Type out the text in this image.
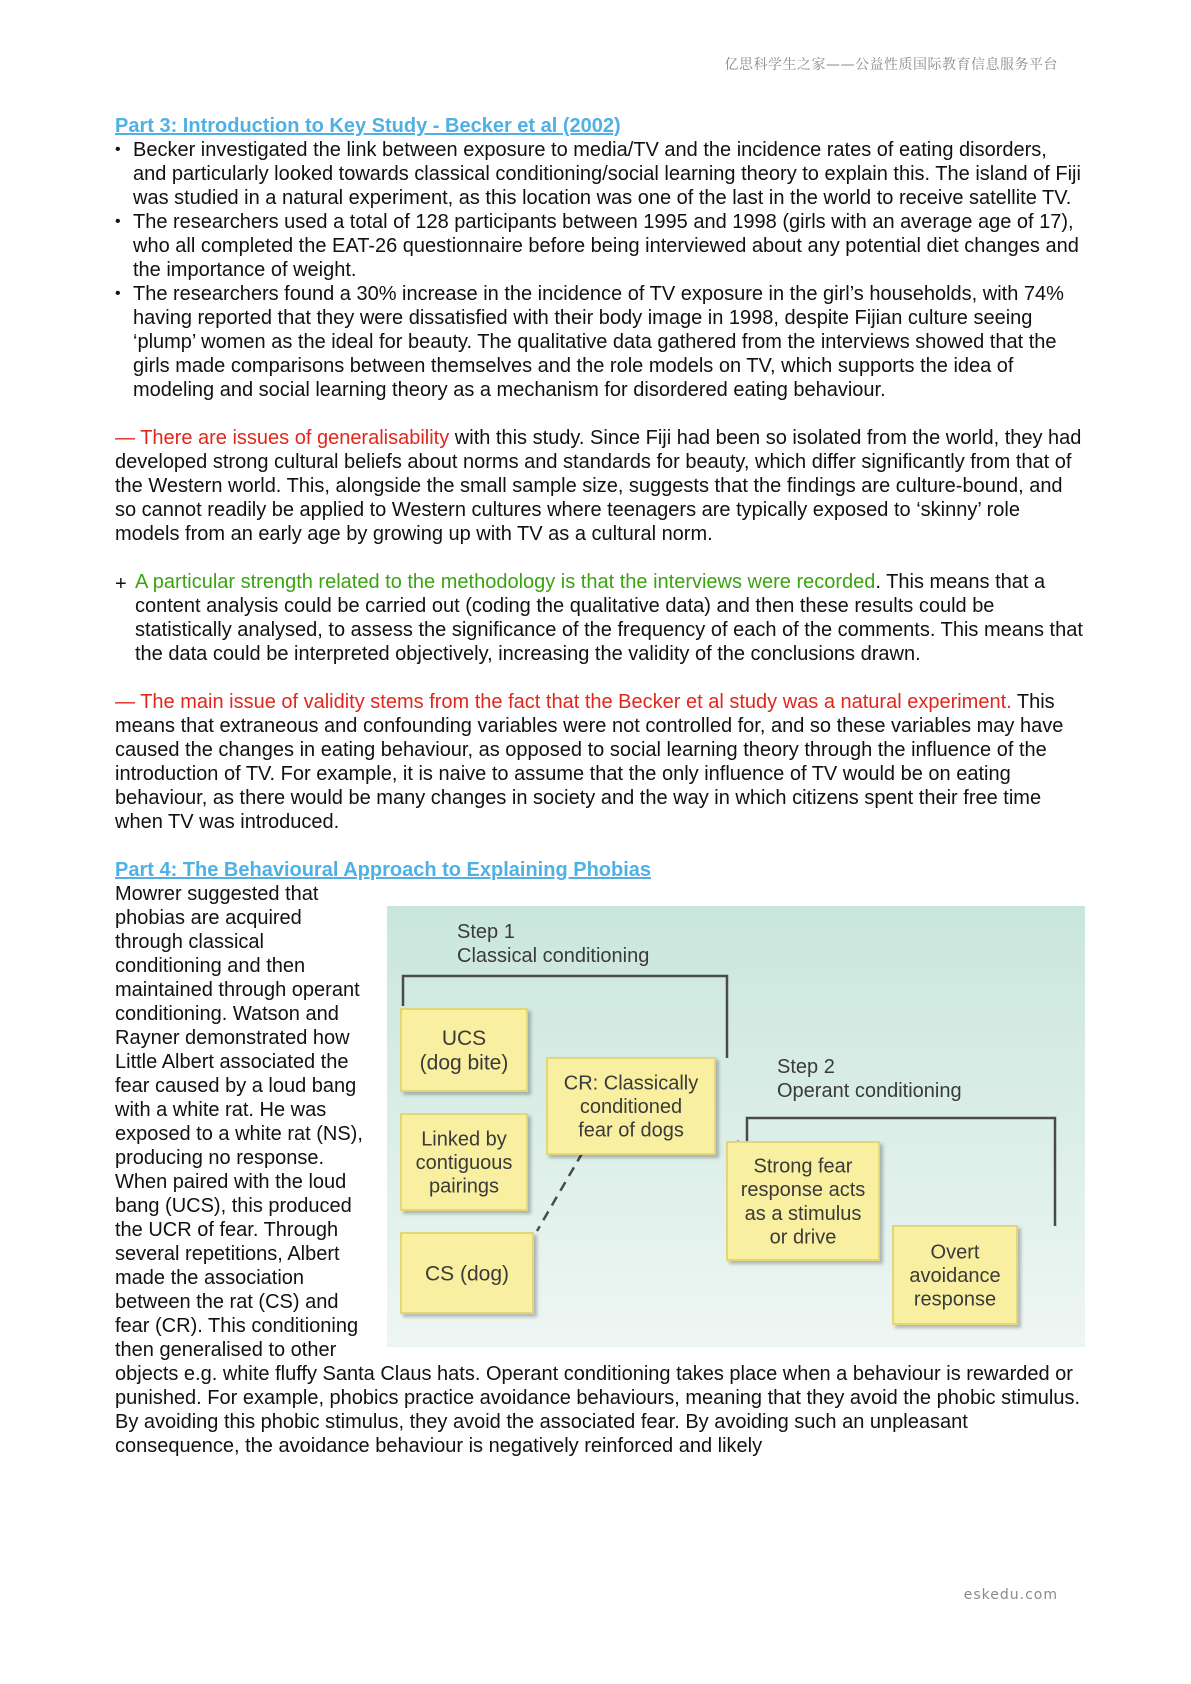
亿思科学生之家——公益性质国际教育信息服务平台

Part 3: Introduction to Key Study - Becker et al (2002)

• Becker investigated the link between exposure to media/TV and the incidence rates of eating disorders, and particularly looked towards classical conditioning/social learning theory to explain this. The island of Fiji was studied in a natural experiment, as this location was one of the last in the world to receive satellite TV.
• The researchers used a total of 128 participants between 1995 and 1998 (girls with an average age of 17), who all completed the EAT-26 questionnaire before being interviewed about any potential diet changes and the importance of weight.
• The researchers found a 30% increase in the incidence of TV exposure in the girl’s households, with 74% having reported that they were dissatisfied with their body image in 1998, despite Fijian culture seeing ‘plump’ women as the ideal for beauty. The qualitative data gathered from the interviews showed that the girls made comparisons between themselves and the role models on TV, which supports the idea of modeling and social learning theory as a mechanism for disordered eating behaviour.

— There are issues of generalisability with this study. Since Fiji had been so isolated from the world, they had developed strong cultural beliefs about norms and standards for beauty, which differ significantly from that of the Western world. This, alongside the small sample size, suggests that the findings are culture-bound, and so cannot readily be applied to Western cultures where teenagers are typically exposed to ‘skinny’ role models from an early age by growing up with TV as a cultural norm.

+ A particular strength related to the methodology is that the interviews were recorded. This means that a content analysis could be carried out (coding the qualitative data) and then these results could be statistically analysed, to assess the significance of the frequency of each of the comments. This means that the data could be interpreted objectively, increasing the validity of the conclusions drawn.

— The main issue of validity stems from the fact that the Becker et al study was a natural experiment. This means that extraneous and confounding variables were not controlled for, and so these variables may have caused the changes in eating behaviour, as opposed to social learning theory through the influence of the introduction of TV. For example, it is naive to assume that the only influence of TV would be on eating behaviour, as there would be many changes in society and the way in which citizens spent their free time when TV was introduced.

Part 4: The Behavioural Approach to Explaining Phobias

Step 1
Classical conditioning
Step 2
Operant conditioning
UCS
(dog bite)
Linked by
contiguous
pairings
CS (dog)
CR: Classically
conditioned
fear of dogs
Strong fear
response acts
as a stimulus
or drive
Overt
avoidance
response

Mowrer suggested that phobias are acquired through classical conditioning and then maintained through operant conditioning. Watson and Rayner demonstrated how Little Albert associated the fear caused by a loud bang with a white rat. He was exposed to a white rat (NS), producing no response. When paired with the loud bang (UCS), this produced the UCR of fear. Through several repetitions, Albert made the association between the rat (CS) and fear (CR). This conditioning then generalised to other objects e.g. white fluffy Santa Claus hats. Operant conditioning takes place when a behaviour is rewarded or punished. For example, phobics practice avoidance behaviours, meaning that they avoid the phobic stimulus. By avoiding this phobic stimulus, they avoid the associated fear. By avoiding such an unpleasant consequence, the avoidance behaviour is negatively reinforced and likely

eskedu.com
